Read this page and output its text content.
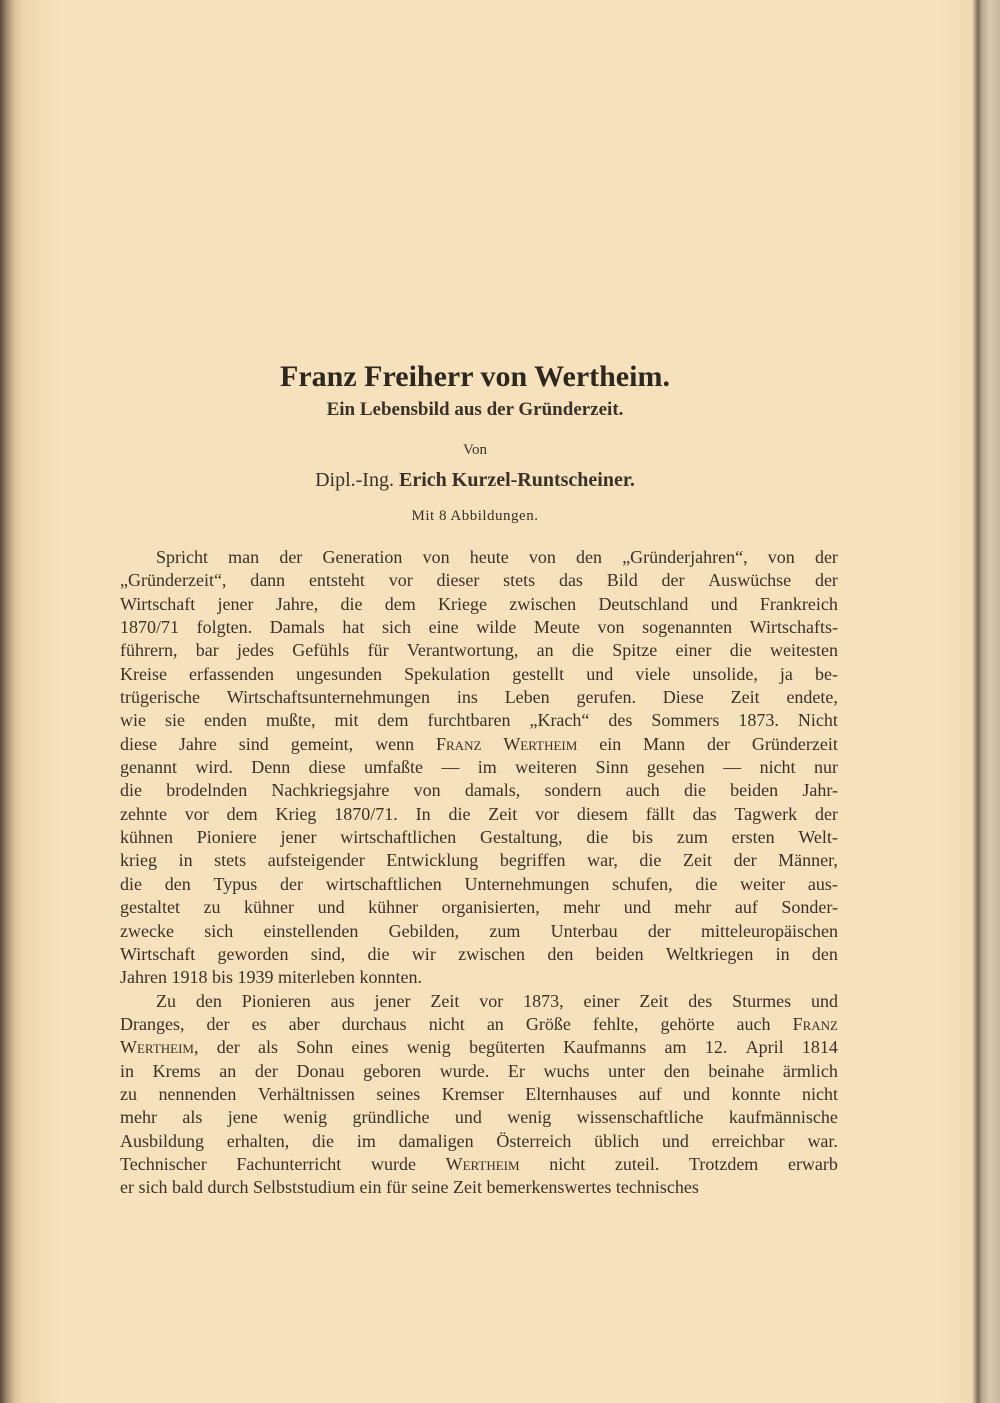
Franz Freiherr von Wertheim.
Ein Lebensbild aus der Gründerzeit.
Von
Dipl.-Ing. Erich Kurzel-Runtscheiner.
Mit 8 Abbildungen.
Spricht man der Generation von heute von den „Gründerjahren“, von der
„Gründerzeit“, dann entsteht vor dieser stets das Bild der Auswüchse der
Wirtschaft jener Jahre, die dem Kriege zwischen Deutschland und Frankreich
1870/71 folgten. Damals hat sich eine wilde Meute von sogenannten Wirtschafts-
führern, bar jedes Gefühls für Verantwortung, an die Spitze einer die weitesten
Kreise erfassenden ungesunden Spekulation gestellt und viele unsolide, ja be-
trügerische Wirtschaftsunternehmungen ins Leben gerufen. Diese Zeit endete,
wie sie enden mußte, mit dem furchtbaren „Krach“ des Sommers 1873. Nicht
diese Jahre sind gemeint, wenn Franz Wertheim ein Mann der Gründerzeit
genannt wird. Denn diese umfaßte — im weiteren Sinn gesehen — nicht nur
die brodelnden Nachkriegsjahre von damals, sondern auch die beiden Jahr-
zehnte vor dem Krieg 1870/71. In die Zeit vor diesem fällt das Tagwerk der
kühnen Pioniere jener wirtschaftlichen Gestaltung, die bis zum ersten Welt-
krieg in stets aufsteigender Entwicklung begriffen war, die Zeit der Männer,
die den Typus der wirtschaftlichen Unternehmungen schufen, die weiter aus-
gestaltet zu kühner und kühner organisierten, mehr und mehr auf Sonder-
zwecke sich einstellenden Gebilden, zum Unterbau der mitteleuropäischen
Wirtschaft geworden sind, die wir zwischen den beiden Weltkriegen in den
Jahren 1918 bis 1939 miterleben konnten.
Zu den Pionieren aus jener Zeit vor 1873, einer Zeit des Sturmes und
Dranges, der es aber durchaus nicht an Größe fehlte, gehörte auch Franz
Wertheim, der als Sohn eines wenig begüterten Kaufmanns am 12. April 1814
in Krems an der Donau geboren wurde. Er wuchs unter den beinahe ärmlich
zu nennenden Verhältnissen seines Kremser Elternhauses auf und konnte nicht
mehr als jene wenig gründliche und wenig wissenschaftliche kaufmännische
Ausbildung erhalten, die im damaligen Österreich üblich und erreichbar war.
Technischer Fachunterricht wurde Wertheim nicht zuteil. Trotzdem erwarb
er sich bald durch Selbststudium ein für seine Zeit bemerkenswertes technisches
